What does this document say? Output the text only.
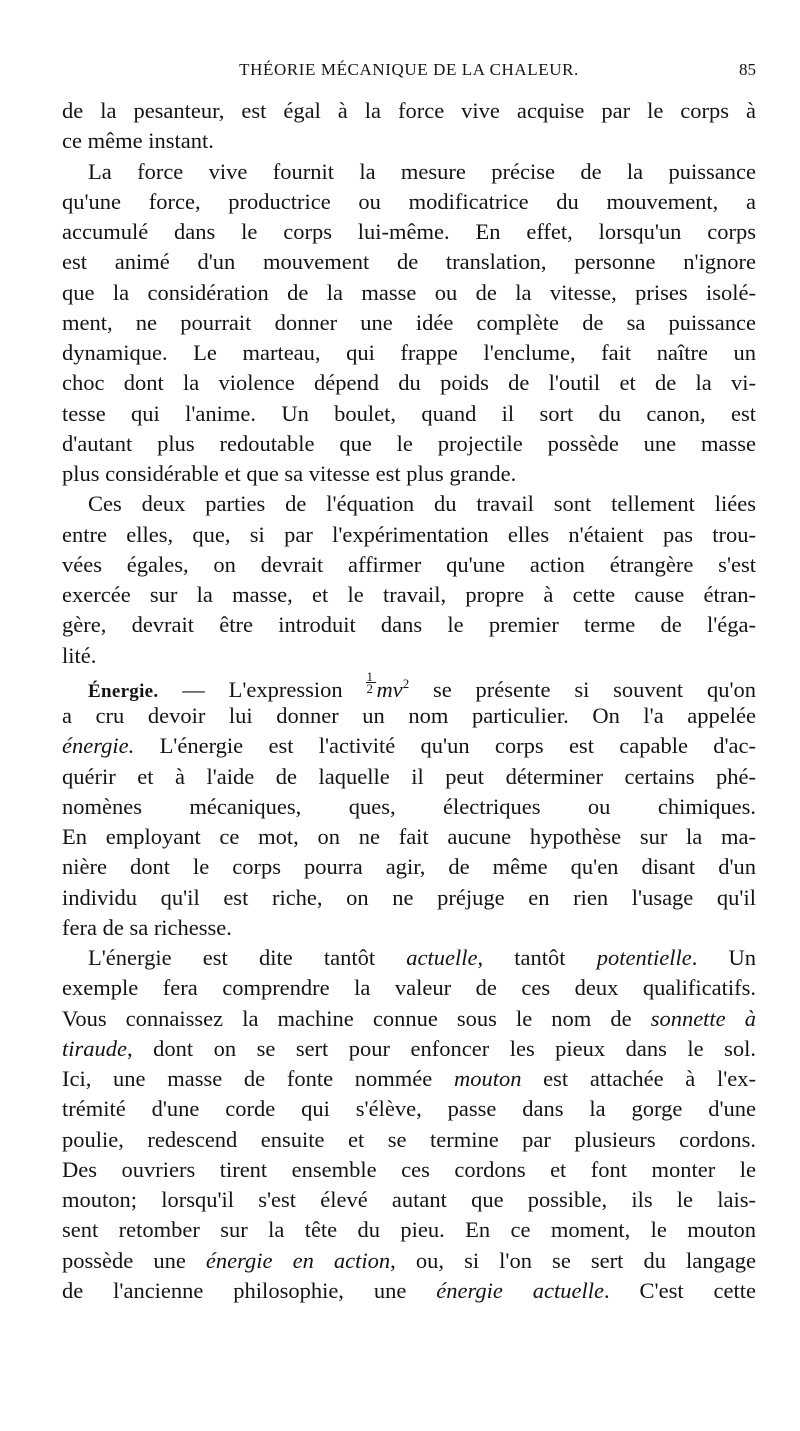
THÉORIE MÉCANIQUE DE LA CHALEUR.	85
de la pesanteur, est égal à la force vive acquise par le corps à
ce même instant.
La force vive fournit la mesure précise de la puissance
qu'une force, productrice ou modificatrice du mouvement, a
accumulé dans le corps lui-même. En effet, lorsqu'un corps
est animé d'un mouvement de translation, personne n'ignore
que la considération de la masse ou de la vitesse, prises isolé-
ment, ne pourrait donner une idée complète de sa puissance
dynamique. Le marteau, qui frappe l'enclume, fait naître un
choc dont la violence dépend du poids de l'outil et de la vi-
tesse qui l'anime. Un boulet, quand il sort du canon, est
d'autant plus redoutable que le projectile possède une masse
plus considérable et que sa vitesse est plus grande.
Ces deux parties de l'équation du travail sont tellement liées
entre elles, que, si par l'expérimentation elles n'étaient pas trou-
vées égales, on devrait affirmer qu'une action étrangère s'est
exercée sur la masse, et le travail, propre à cette cause étran-
gère, devrait être introduit dans le premier terme de l'éga-
lité.
Énergie. — L'expression $\frac{1}{2} mv^2$ se présente si souvent qu'on
a cru devoir lui donner un nom particulier. On l'a appelée
énergie. L'énergie est l'activité qu'un corps est capable d'ac-
quérir et à l'aide de laquelle il peut déterminer certains phé-
nomènes mécaniques, ques, électriques ou chimiques.
En employant ce mot, on ne fait aucune hypothèse sur la ma-
nière dont le corps pourra agir, de même qu'en disant d'un
individu qu'il est riche, on ne préjuge en rien l'usage qu'il
fera de sa richesse.
L'énergie est dite tantôt actuelle, tantôt potentielle. Un
exemple fera comprendre la valeur de ces deux qualificatifs.
Vous connaissez la machine connue sous le nom de sonnette à
tiraude, dont on se sert pour enfoncer les pieux dans le sol.
Ici, une masse de fonte nommée mouton est attachée à l'ex-
trémité d'une corde qui s'élève, passe dans la gorge d'une
poulie, redescend ensuite et se termine par plusieurs cordons.
Des ouvriers tirent ensemble ces cordons et font monter le
mouton; lorsqu'il s'est élevé autant que possible, ils le lais-
sent retomber sur la tête du pieu. En ce moment, le mouton
possède une énergie en action, ou, si l'on se sert du langage
de l'ancienne philosophie, une énergie actuelle. C'est cette
